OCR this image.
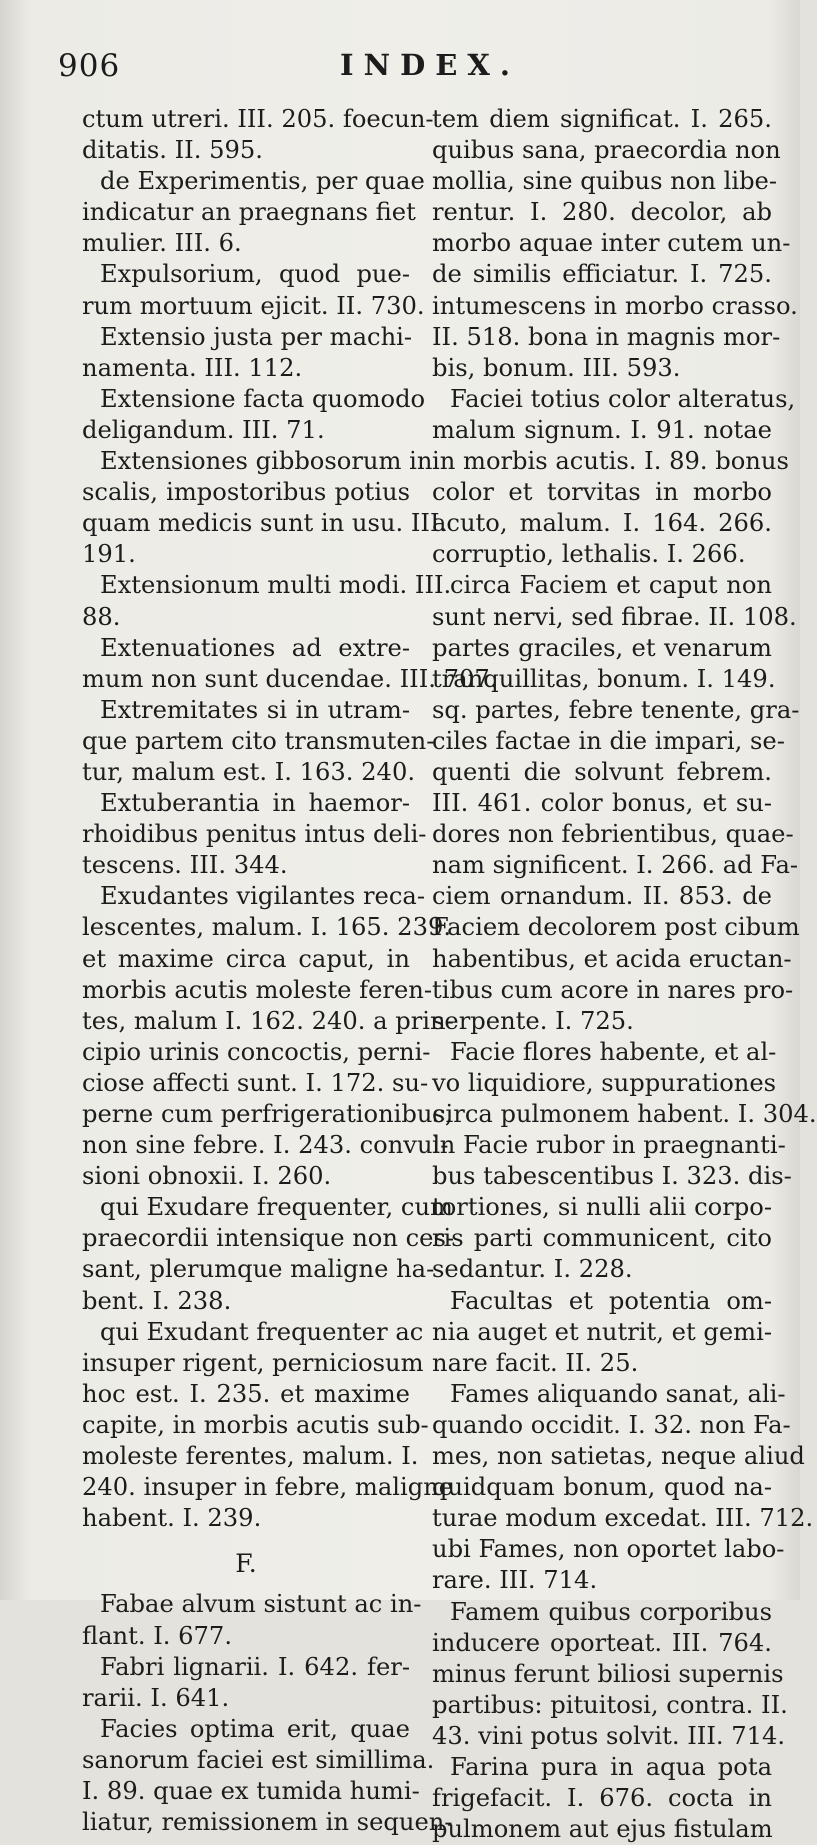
906	INDEX.
ctum utreri. III. 205. foecun-
ditatis. II. 595.
de Experimentis, per quae
indicatur an praegnans fiet
mulier. III. 6.
Expulsorium, quod pue-
rum mortuum ejicit. II. 730.
Extensio justa per machi-
namenta. III. 112.
Extensione facta quomodo
deligandum. III. 71.
Extensiones gibbosorum in
scalis, impostoribus potius
quam medicis sunt in usu. III.
191.
Extensionum multi modi. III.
88.
Extenuationes ad extre-
mum non sunt ducendae. III. 707.
Extremitates si in utram-
que partem cito transmuten-
tur, malum est. I. 163. 240.
Extuberantia in haemor-
rhoidibus penitus intus deli-
tescens. III. 344.
Exudantes vigilantes reca-
lescentes, malum. I. 165. 239.
et maxime circa caput, in
morbis acutis moleste feren-
tes, malum I. 162. 240. a prin-
cipio urinis concoctis, perni-
ciose affecti sunt. I. 172. su-
perne cum perfrigerationibus,
non sine febre. I. 243. convul-
sioni obnoxii. I. 260.
qui Exudare frequenter, cum
praecordii intensique non ces-
sant, plerumque maligne ha-
bent. I. 238.
qui Exudant frequenter ac
insuper rigent, perniciosum
hoc est. I. 235. et maxime
capite, in morbis acutis sub-
moleste ferentes, malum. I.
240. insuper in febre, maligne
habent. I. 239.
F.
Fabae alvum sistunt ac in-
flant. I. 677.
Fabri lignarii. I. 642. fer-
rarii. I. 641.
Facies optima erit, quae
sanorum faciei est simillima.
I. 89. quae ex tumida humi-
liatur, remissionem in sequen-
tem diem significat. I. 265.
quibus sana, praecordia non
mollia, sine quibus non libe-
rentur. I. 280. decolor, ab
morbo aquae inter cutem un-
de similis efficiatur. I. 725.
intumescens in morbo crasso.
II. 518. bona in magnis mor-
bis, bonum. III. 593.
Faciei totius color alteratus,
malum signum. I. 91. notae
in morbis acutis. I. 89. bonus
color et torvitas in morbo
acuto, malum. I. 164. 266.
corruptio, lethalis. I. 266.
circa Faciem et caput non
sunt nervi, sed fibrae. II. 108.
partes graciles, et venarum
tranquillitas, bonum. I. 149.
sq. partes, febre tenente, gra-
ciles factae in die impari, se-
quenti die solvunt febrem.
III. 461. color bonus, et su-
dores non febrientibus, quae-
nam significent. I. 266. ad Fa-
ciem ornandum. II. 853. de
Faciem decolorem post cibum
habentibus, et acida eructan-
tibus cum acore in nares pro-
serpente. I. 725.
Facie flores habente, et al-
vo liquidiore, suppurationes
circa pulmonem habent. I. 304.
in Facie rubor in praegnanti-
bus tabescentibus I. 323. dis-
tortiones, si nulli alii corpo-
ris parti communicent, cito
sedantur. I. 228.
Facultas et potentia om-
nia auget et nutrit, et gemi-
nare facit. II. 25.
Fames aliquando sanat, ali-
quando occidit. I. 32. non Fa-
mes, non satietas, neque aliud
quidquam bonum, quod na-
turae modum excedat. III. 712.
ubi Fames, non oportet labo-
rare. III. 714.
Famem quibus corporibus
inducere oporteat. III. 764.
minus ferunt biliosi supernis
partibus: pituitosi, contra. II.
43. vini potus solvit. III. 714.
Farina pura in aqua pota
frigefacit. I. 676. cocta in
pulmonem aut ejus fistulam
